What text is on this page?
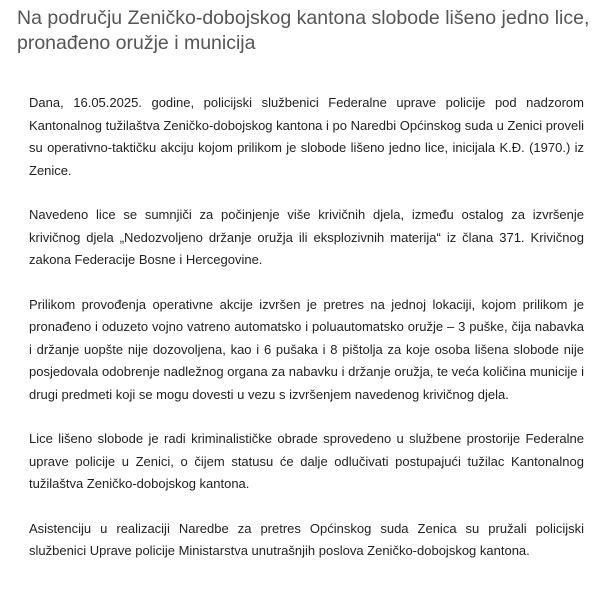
Na području Zeničko-dobojskog kantona slobode lišeno jedno lice, pronađeno oružje i municija

Dana, 16.05.2025. godine, policijski službenici Federalne uprave policije pod nadzorom Kantonalnog tužilaštva Zeničko-dobojskog kantona i po Naredbi Općinskog suda u Zenici proveli su operativno-taktičku akciju kojom prilikom je slobode lišeno jedno lice, inicijala K.Đ. (1970.) iz Zenice.

Navedeno lice se sumnjiči za počinjenje više krivičnih djela, između ostalog za izvršenje krivičnog djela „Nedozvoljeno držanje oružja ili eksplozivnih materija“ iz člana 371. Krivičnog zakona Federacije Bosne i Hercegovine.

Prilikom provođenja operativne akcije izvršen je pretres na jednoj lokaciji, kojom prilikom je pronađeno i oduzeto vojno vatreno automatsko i poluautomatsko oružje – 3 puške, čija nabavka i držanje uopšte nije dozovoljena, kao i 6 pušaka i 8 pištolja za koje osoba lišena slobode nije posjedovala odobrenje nadležnog organa za nabavku i držanje oružja, te veća količina municije i drugi predmeti koji se mogu dovesti u vezu s izvršenjem navedenog krivičnog djela.

Lice lišeno slobode je radi kriminalističke obrade sprovedeno u službene prostorije Federalne uprave policije u Zenici, o čijem statusu će dalje odlučivati postupajući tužilac Kantonalnog tužilaštva Zeničko-dobojskog kantona.

Asistenciju u realizaciji Naredbe za pretres Općinskog suda Zenica su pružali policijski službenici Uprave policije Ministarstva unutrašnjih poslova Zeničko-dobojskog kantona.
